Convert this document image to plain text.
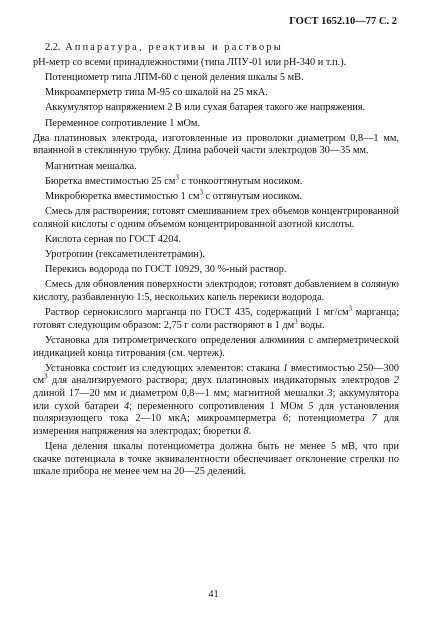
ГОСТ 1652.10—77 С. 2
2.2. Аппаратура, реактивы и растворы
pH-метр со всеми принадлежностями (типа ЛПУ-01 или pH-340 и т.п.).
Потенциометр типа ЛПМ-60 с ценой деления шкалы 5 мВ.
Микроамперметр типа М-95 со шкалой на 25 мкА.
Аккумулятор напряжением 2 В или сухая батарея такого же напряжения.
Переменное сопротивление 1 мОм.
Два платиновых электрода, изготовленные из проволоки диаметром 0,8—1 мм, впаянной в стеклянную трубку. Длина рабочей части электродов 30—35 мм.
Магнитная мешалка.
Бюретка вместимостью 25 $см^3$ с тонкооттянутым носиком.
Микробюретка вместимостью 1 $см^3$ с оттянутым носиком.
Смесь для растворения; готовят смешиванием трех объемов концентрированной соляной кислоты с одним объемом концентрированной азотной кислоты.
Кислота серная по ГОСТ 4204.
Уротропин (гексаметилентетрамин).
Перекись водорода по ГОСТ 10929, 30 %-ный раствор.
Смесь для обновления поверхности электродов; готовят добавлением в соляную кислоту, разбавленную 1:5, нескольких капель перекиси водорода.
Раствор сернокислого марганца по ГОСТ 435, содержащий 1 $мг/см^3$ марганца; готовят следующим образом: 2,75 г соли растворяют в 1 $дм^3$ воды.
Установка для титрометрического определения алюминия с амперметрической индикацией конца титрования (см. чертеж).
Установка состоит из следующих элементов: стакана 1 вместимостью 250—300 $см^3$ для анализируемого раствора; двух платиновых индикаторных электродов 2 длиной 17—20 мм и диаметром 0,8—1 мм; магнитной мешалки 3; аккумулятора или сухой батареи 4; переменного сопротивления 1 МОм 5 для установления поляризующего тока 2—10 мкА; микроамперметра 6; потенциометра 7 для измерения напряжения на электродах; бюретки 8.
Цена деления шкалы потенциометра должна быть не менее 5 мВ, что при скачке потенциала в точке эквивалентности обеспечивает отклонение стрелки по шкале прибора не менее чем на 20—25 делений.
41
